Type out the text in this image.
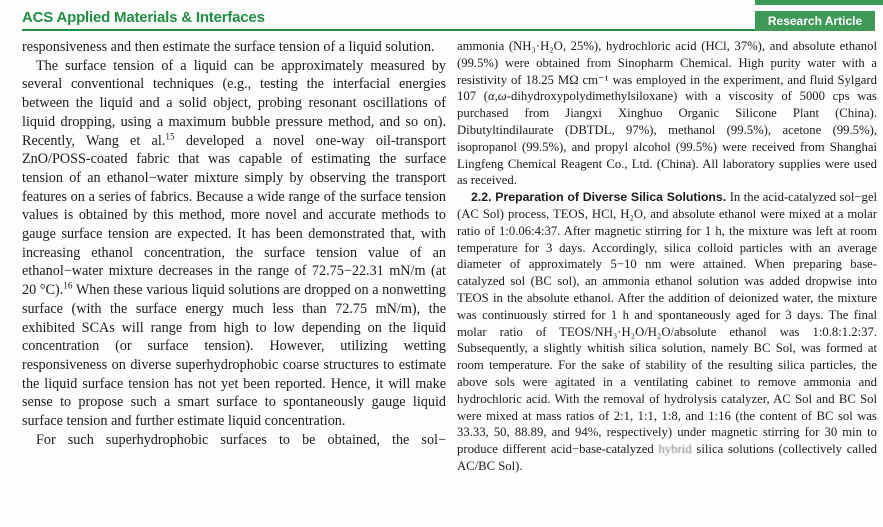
ACS Applied Materials & Interfaces	Research Article
responsiveness and then estimate the surface tension of a liquid solution.
The surface tension of a liquid can be approximately measured by several conventional techniques (e.g., testing the interfacial energies between the liquid and a solid object, probing resonant oscillations of liquid dropping, using a maximum bubble pressure method, and so on). Recently, Wang et al.$^{15}$ developed a novel one-way oil-transport ZnO/POSS-coated fabric that was capable of estimating the surface tension of an ethanol−water mixture simply by observing the transport features on a series of fabrics. Because a wide range of the surface tension values is obtained by this method, more novel and accurate methods to gauge surface tension are expected. It has been demonstrated that, with increasing ethanol concentration, the surface tension value of an ethanol−water mixture decreases in the range of 72.75−22.31 mN/m (at 20 °C).$^{16}$ When these various liquid solutions are dropped on a nonwetting surface (with the surface energy much less than 72.75 mN/m), the exhibited SCAs will range from high to low depending on the liquid concentration (or surface tension). However, utilizing wetting responsiveness on diverse superhydrophobic coarse structures to estimate the liquid surface tension has not yet been reported. Hence, it will make sense to propose such a smart surface to spontaneously gauge liquid surface tension and further estimate liquid concentration.
For such superhydrophobic surfaces to be obtained, the sol−
ammonia (NH₃·H₂O, 25%), hydrochloric acid (HCl, 37%), and absolute ethanol (99.5%) were obtained from Sinopharm Chemical. High purity water with a resistivity of 18.25 MΩ cm⁻¹ was employed in the experiment, and fluid Sylgard 107 (α,ω-dihydroxypolydimethylsiloxane) with a viscosity of 5000 cps was purchased from Jiangxi Xinghuo Organic Silicone Plant (China). Dibutyltindilaurate (DBTDL, 97%), methanol (99.5%), acetone (99.5%), isopropanol (99.5%), and propyl alcohol (99.5%) were received from Shanghai Lingfeng Chemical Reagent Co., Ltd. (China). All laboratory supplies were used as received.
2.2. Preparation of Diverse Silica Solutions. In the acid-catalyzed sol−gel (AC Sol) process, TEOS, HCl, H₂O, and absolute ethanol were mixed at a molar ratio of 1:0.06:4:37. After magnetic stirring for 1 h, the mixture was left at room temperature for 3 days. Accordingly, silica colloid particles with an average diameter of approximately 5−10 nm were attained. When preparing base-catalyzed sol (BC sol), an ammonia ethanol solution was added dropwise into TEOS in the absolute ethanol. After the addition of deionized water, the mixture was continuously stirred for 1 h and spontaneously aged for 3 days. The final molar ratio of TEOS/NH₃·H₂O/H₂O/absolute ethanol was 1:0.8:1.2:37. Subsequently, a slightly whitish silica solution, namely BC Sol, was formed at room temperature. For the sake of stability of the resulting silica particles, the above sols were agitated in a ventilating cabinet to remove ammonia and hydrochloric acid. With the removal of hydrolysis catalyzer, AC Sol and BC Sol were mixed at mass ratios of 2:1, 1:1, 1:8, and 1:16 (the content of BC sol was 33.33, 50, 88.89, and 94%, respectively) under magnetic stirring for 30 min to produce different acid−base-catalyzed hybrid silica solutions (collectively called AC/BC Sol).
